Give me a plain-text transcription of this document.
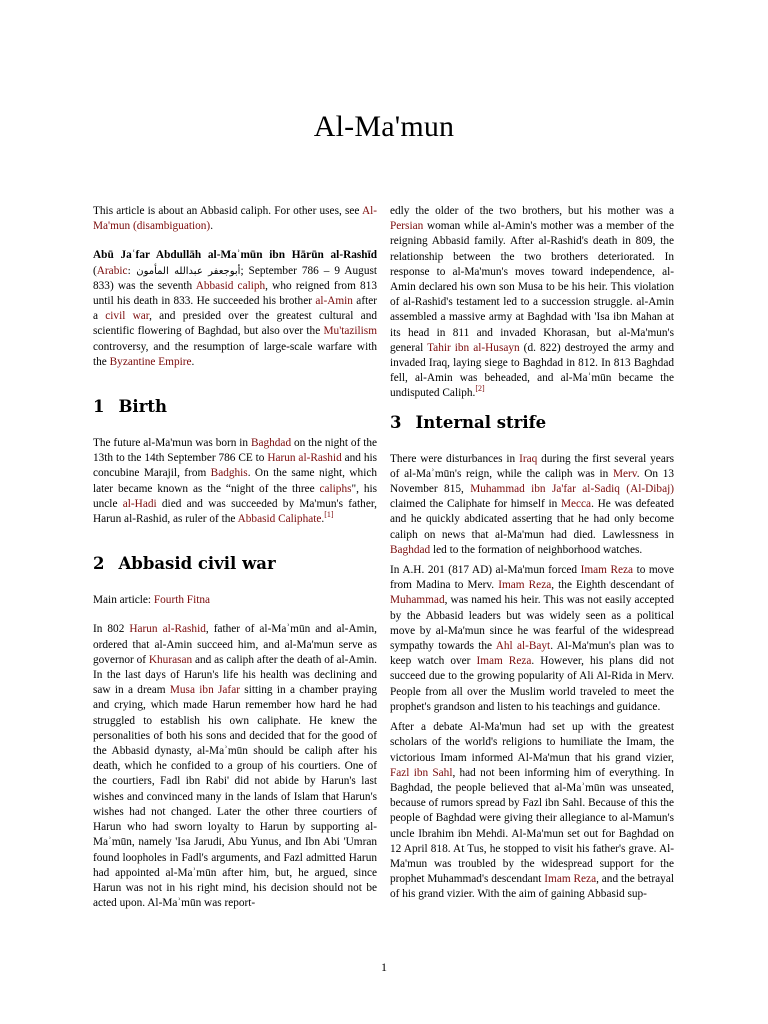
Al-Ma'mun

This article is about an Abbasid caliph. For other uses, see Al-Ma'mun (disambiguation).

Abū Jaʿfar Abdullāh al-Maʾmūn ibn Hārūn al-Rashīd (Arabic: أبوجعفر عبدالله المأمون; September 786 – 9 August 833) was the seventh Abbasid caliph, who reigned from 813 until his death in 833. He succeeded his brother al-Amin after a civil war, and presided over the greatest cultural and scientific flowering of Baghdad, but also over the Mu'tazilism controversy, and the resumption of large-scale warfare with the Byzantine Empire.

1 Birth

The future al-Ma'mun was born in Baghdad on the night of the 13th to the 14th September 786 CE to Harun al-Rashid and his concubine Marajil, from Badghis. On the same night, which later became known as the “night of the three caliphs", his uncle al-Hadi died and was succeeded by Ma'mun's father, Harun al-Rashid, as ruler of the Abbasid Caliphate.[1]

2 Abbasid civil war

Main article: Fourth Fitna

In 802 Harun al-Rashid, father of al-Maʾmūn and al-Amin, ordered that al-Amin succeed him, and al-Ma'mun serve as governor of Khurasan and as caliph after the death of al-Amin. In the last days of Harun's life his health was declining and saw in a dream Musa ibn Jafar sitting in a chamber praying and crying, which made Harun remember how hard he had struggled to establish his own caliphate. He knew the personalities of both his sons and decided that for the good of the Abbasid dynasty, al-Maʾmūn should be caliph after his death, which he confided to a group of his courtiers. One of the courtiers, Fadl ibn Rabi' did not abide by Harun's last wishes and convinced many in the lands of Islam that Harun's wishes had not changed. Later the other three courtiers of Harun who had sworn loyalty to Harun by supporting al-Maʾmūn, namely 'Isa Jarudi, Abu Yunus, and Ibn Abi 'Umran found loopholes in Fadl's arguments, and Fazl admitted Harun had appointed al-Maʾmūn after him, but, he argued, since Harun was not in his right mind, his decision should not be acted upon. Al-Maʾmūn was report-

edly the older of the two brothers, but his mother was a Persian woman while al-Amin's mother was a member of the reigning Abbasid family. After al-Rashid's death in 809, the relationship between the two brothers deteriorated. In response to al-Ma'mun's moves toward independence, al-Amin declared his own son Musa to be his heir. This violation of al-Rashid's testament led to a succession struggle. al-Amin assembled a massive army at Baghdad with 'Isa ibn Mahan at its head in 811 and invaded Khorasan, but al-Ma'mun's general Tahir ibn al-Husayn (d. 822) destroyed the army and invaded Iraq, laying siege to Baghdad in 812. In 813 Baghdad fell, al-Amin was beheaded, and al-Maʾmūn became the undisputed Caliph.[2]

3 Internal strife

There were disturbances in Iraq during the first several years of al-Maʾmūn's reign, while the caliph was in Merv. On 13 November 815, Muhammad ibn Ja'far al-Sadiq (Al-Dibaj) claimed the Caliphate for himself in Mecca. He was defeated and he quickly abdicated asserting that he had only become caliph on news that al-Ma'mun had died. Lawlessness in Baghdad led to the formation of neighborhood watches.

In A.H. 201 (817 AD) al-Ma'mun forced Imam Reza to move from Madina to Merv. Imam Reza, the Eighth descendant of Muhammad, was named his heir. This was not easily accepted by the Abbasid leaders but was widely seen as a political move by al-Ma'mun since he was fearful of the widespread sympathy towards the Ahl al-Bayt. Al-Ma'mun's plan was to keep watch over Imam Reza. However, his plans did not succeed due to the growing popularity of Ali Al-Rida in Merv. People from all over the Muslim world traveled to meet the prophet's grandson and listen to his teachings and guidance.

After a debate Al-Ma'mun had set up with the greatest scholars of the world's religions to humiliate the Imam, the victorious Imam informed Al-Ma'mun that his grand vizier, Fazl ibn Sahl, had not been informing him of everything. In Baghdad, the people believed that al-Maʾmūn was unseated, because of rumors spread by Fazl ibn Sahl. Because of this the people of Baghdad were giving their allegiance to al-Mamun's uncle Ibrahim ibn Mehdi. Al-Ma'mun set out for Baghdad on 12 April 818. At Tus, he stopped to visit his father's grave. Al-Ma'mun was troubled by the widespread support for the prophet Muhammad's descendant Imam Reza, and the betrayal of his grand vizier. With the aim of gaining Abbasid sup-

1
